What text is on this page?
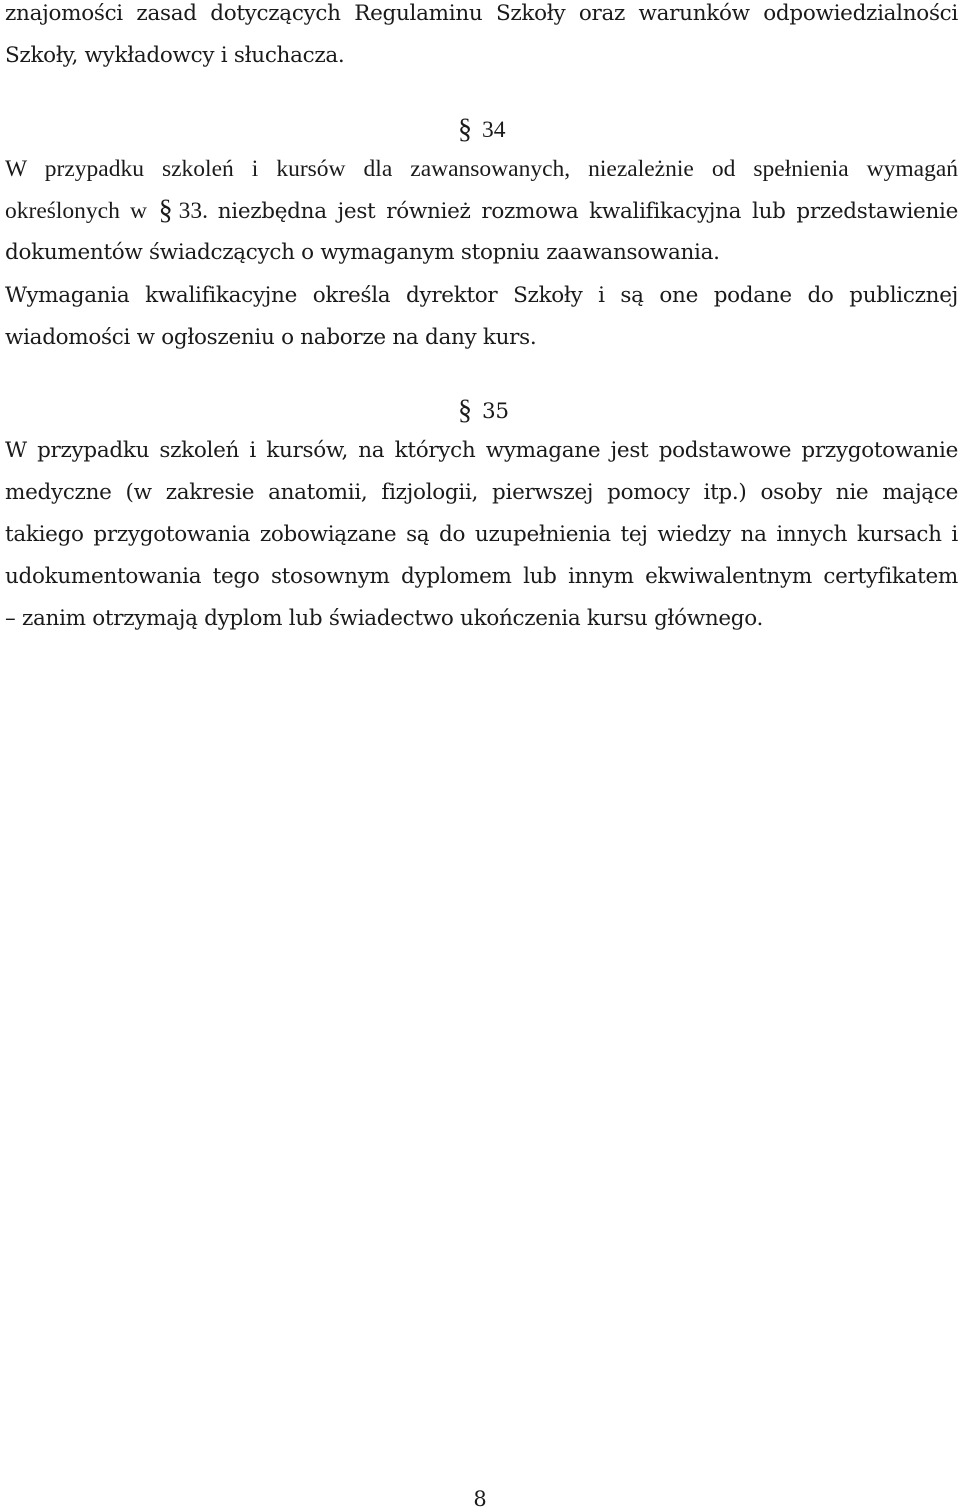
znajomości zasad dotyczących Regulaminu Szkoły oraz warunków odpowiedzialności
Szkoły, wykładowcy i słuchacza.
§ 34
W przypadku szkoleń i kursów dla zawansowanych, niezależnie od spełnienia wymagań
określonych w § 33. niezbędna jest również rozmowa kwalifikacyjna lub przedstawienie
dokumentów świadczących o wymaganym stopniu zaawansowania.
Wymagania kwalifikacyjne określa dyrektor Szkoły i są one podane do publicznej
wiadomości w ogłoszeniu o naborze na dany kurs.
§ 35
W przypadku szkoleń i kursów, na których wymagane jest podstawowe przygotowanie
medyczne (w zakresie anatomii, fizjologii, pierwszej pomocy itp.) osoby nie mające
takiego przygotowania zobowiązane są do uzupełnienia tej wiedzy na innych kursach i
udokumentowania tego stosownym dyplomem lub innym ekwiwalentnym certyfikatem
– zanim otrzymają dyplom lub świadectwo ukończenia kursu głównego.
8
